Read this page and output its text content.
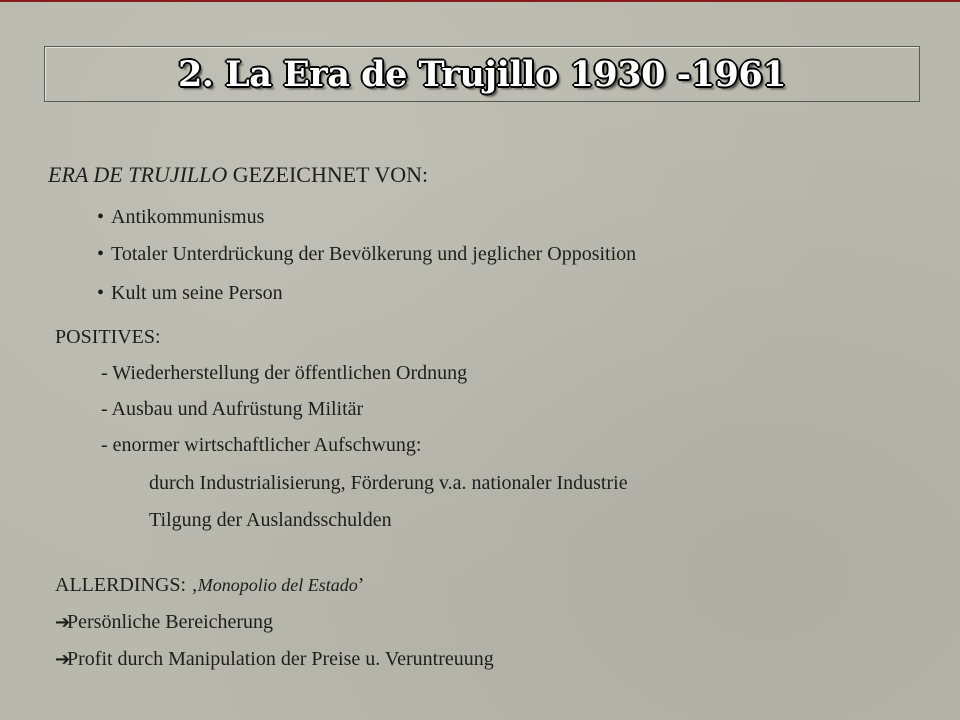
2. La Era de Trujillo 1930 -1961
ERA DE TRUJILLO GEZEICHNET VON:
• Antikommunismus
• Totaler Unterdrückung der Bevölkerung und jeglicher Opposition
• Kult um seine Person
POSITIVES:
- Wiederherstellung der öffentlichen Ordnung
- Ausbau und Aufrüstung Militär
- enormer wirtschaftlicher Aufschwung:
durch Industrialisierung, Förderung v.a. nationaler Industrie
Tilgung der Auslandsschulden
ALLERDINGS: ‚Monopolio del Estado’
➔Persönliche Bereicherung
➔Profit durch Manipulation der Preise u. Veruntreuung
